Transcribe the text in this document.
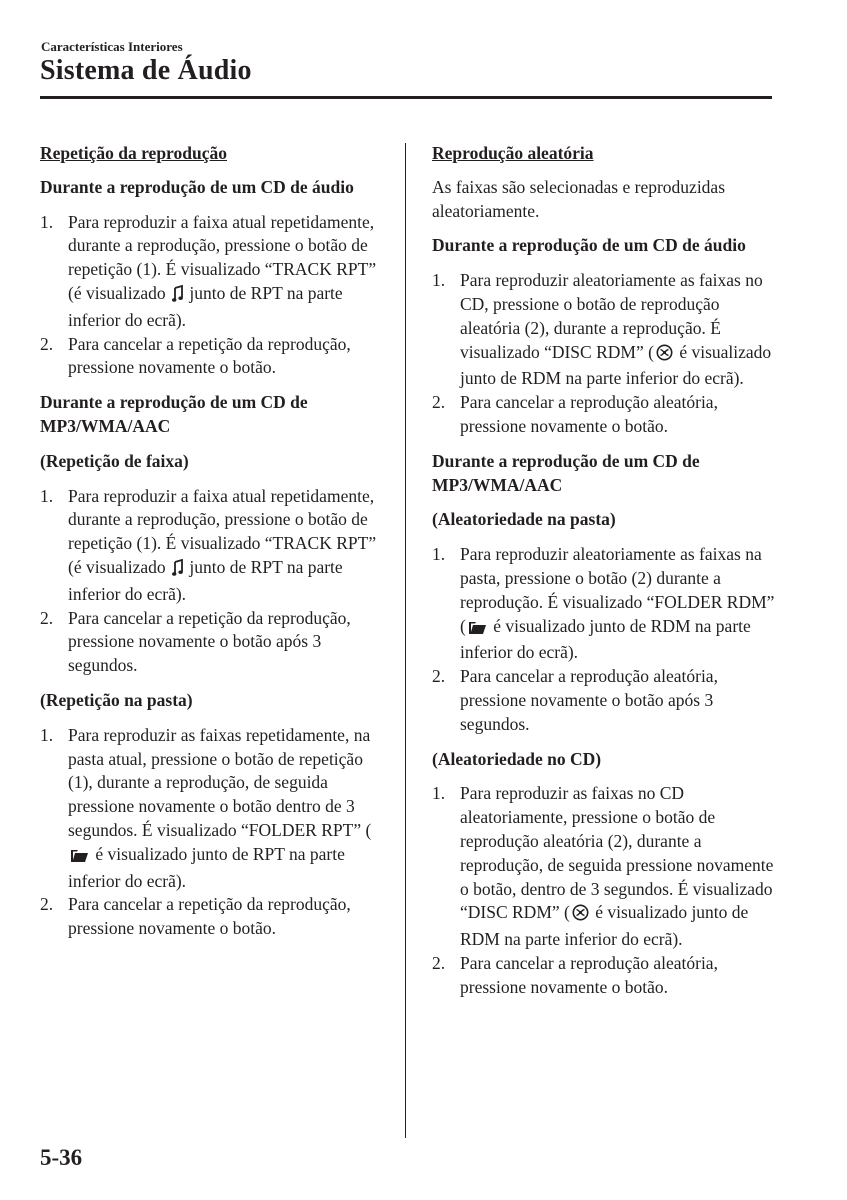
Características Interiores
Sistema de Áudio
Repetição da reprodução
Durante a reprodução de um CD de áudio
1. Para reproduzir a faixa atual repetidamente, durante a reprodução, pressione o botão de repetição (1). É visualizado “TRACK RPT” (é visualizado  junto de RPT na parte inferior do ecrã).
2. Para cancelar a repetição da reprodução, pressione novamente o botão.
Durante a reprodução de um CD de MP3/WMA/AAC
(Repetição de faixa)
1. Para reproduzir a faixa atual repetidamente, durante a reprodução, pressione o botão de repetição (1). É visualizado “TRACK RPT” (é visualizado  junto de RPT na parte inferior do ecrã).
2. Para cancelar a repetição da reprodução, pressione novamente o botão após 3 segundos.
(Repetição na pasta)
1. Para reproduzir as faixas repetidamente, na pasta atual, pressione o botão de repetição (1), durante a reprodução, de seguida pressione novamente o botão dentro de 3 segundos. É visualizado “FOLDER RPT” ( é visualizado junto de RPT na parte inferior do ecrã).
2. Para cancelar a repetição da reprodução, pressione novamente o botão.
Reprodução aleatória
As faixas são selecionadas e reproduzidas aleatoriamente.
Durante a reprodução de um CD de áudio
1. Para reproduzir aleatoriamente as faixas no CD, pressione o botão de reprodução aleatória (2), durante a reprodução. É visualizado “DISC RDM” ( é visualizado junto de RDM na parte inferior do ecrã).
2. Para cancelar a reprodução aleatória, pressione novamente o botão.
Durante a reprodução de um CD de MP3/WMA/AAC
(Aleatoriedade na pasta)
1. Para reproduzir aleatoriamente as faixas na pasta, pressione o botão (2) durante a reprodução. É visualizado “FOLDER RDM” ( é visualizado junto de RDM na parte inferior do ecrã).
2. Para cancelar a reprodução aleatória, pressione novamente o botão após 3 segundos.
(Aleatoriedade no CD)
1. Para reproduzir as faixas no CD aleatoriamente, pressione o botão de reprodução aleatória (2), durante a reprodução, de seguida pressione novamente o botão, dentro de 3 segundos. É visualizado “DISC RDM” ( é visualizado junto de RDM na parte inferior do ecrã).
2. Para cancelar a reprodução aleatória, pressione novamente o botão.
5-36
